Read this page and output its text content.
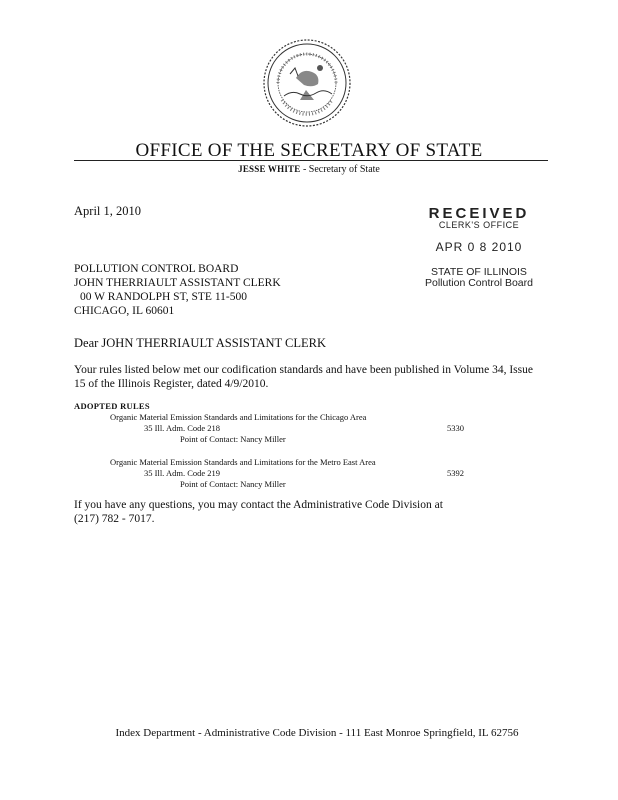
OFFICE OF THE SECRETARY OF STATE
JESSE WHITE - Secretary of State
April 1, 2010	RECEIVED
CLERK'S OFFICE
APR 0 8 2010
STATE OF ILLINOIS
Pollution Control Board
POLLUTION CONTROL BOARD
JOHN THERRIAULT ASSISTANT CLERK
00 W RANDOLPH ST, STE 11-500
CHICAGO, IL 60601
Dear JOHN THERRIAULT ASSISTANT CLERK
Your rules listed below met our codification standards and have been published in Volume 34, Issue 15 of the Illinois Register, dated 4/9/2010.
ADOPTED RULES
Organic Material Emission Standards and Limitations for the Chicago Area
35 Ill. Adm. Code 218	5330
Point of Contact: Nancy Miller
Organic Material Emission Standards and Limitations for the Metro East Area
35 Ill. Adm. Code 219	5392
Point of Contact: Nancy Miller
If you have any questions, you may contact the Administrative Code Division at
(217) 782 - 7017.
Index Department - Administrative Code Division - 111 East Monroe Springfield, IL 62756
